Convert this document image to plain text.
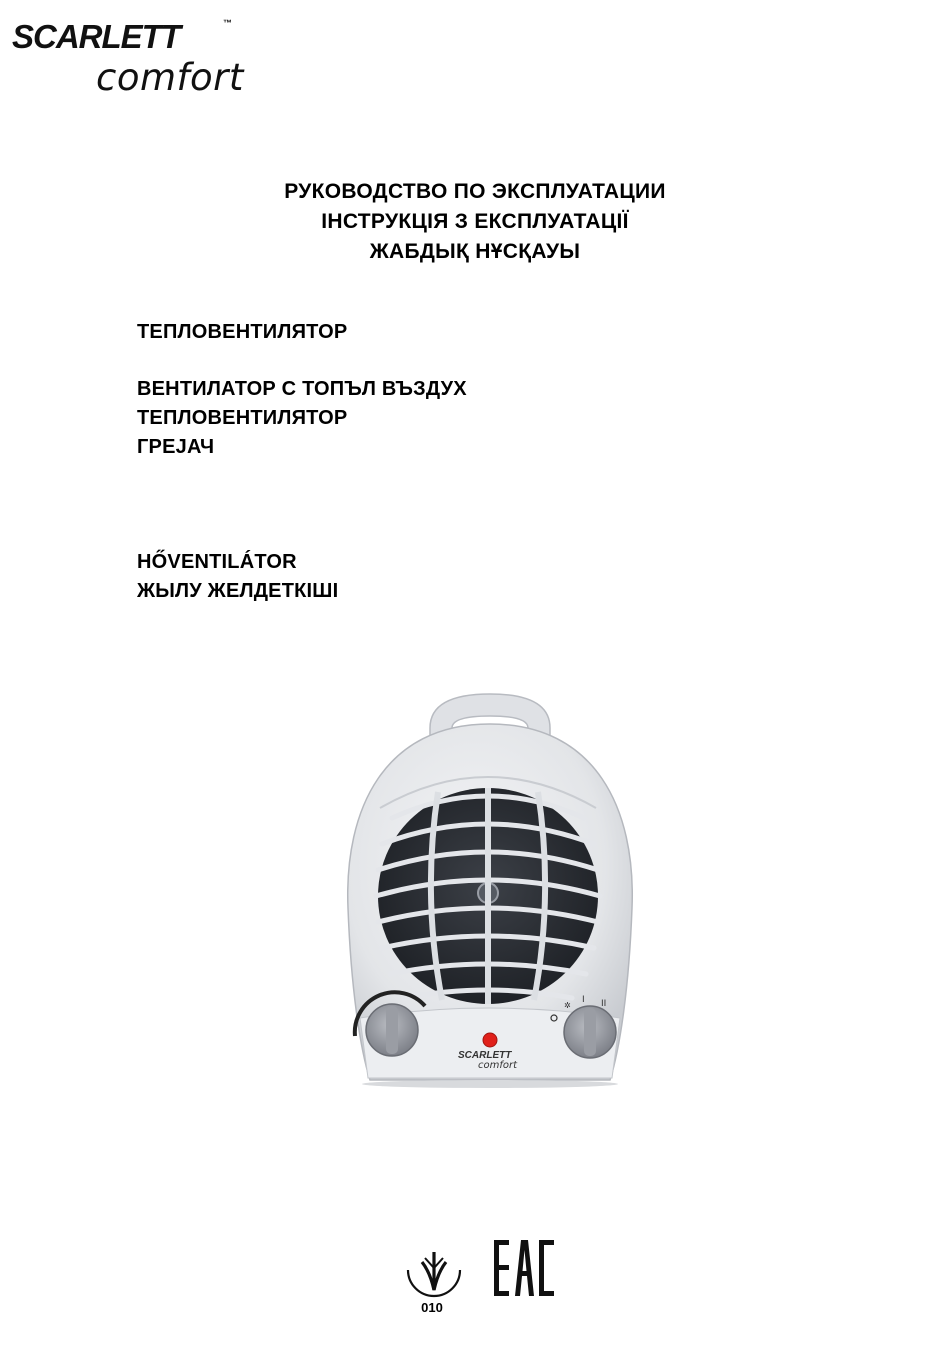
SCARLETT	™
comfort
РУКОВОДСТВО ПО ЭКСПЛУАТАЦИИ
ІНСТРУКЦІЯ З ЕКСПЛУАТАЦІЇ
ЖАБДЫҚ НҰСҚАУЫ
ТЕПЛОВЕНТИЛЯТОР
ВЕНТИЛАТОР С ТОПЪЛ ВЪЗДУХ
ТЕПЛОВЕНТИЛЯТОР
ГРЕЈАЧ
HŐVENTILÁTOR
ЖЫЛУ ЖЕЛДЕТКІШІ
✲
I II
SCARLETT
comfort
010
